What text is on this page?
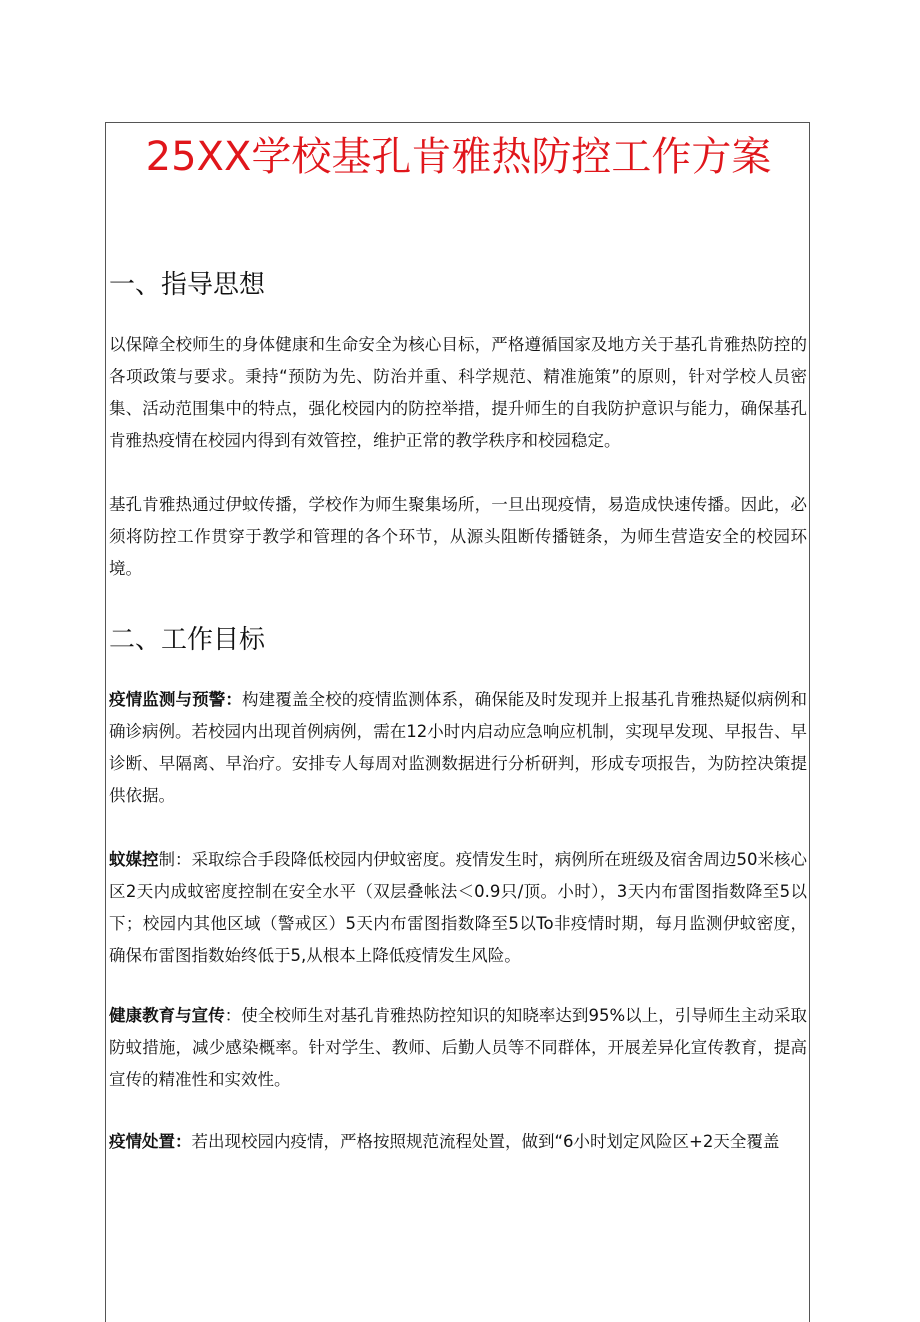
25XX学校基孔肯雅热防控工作方案
一、指导思想

以保障全校师生的身体健康和生命安全为核心目标，严格遵循国家及地方关于基孔肯雅热防控的各项政策与要求。秉持“预防为先、防治并重、科学规范、精准施策”的原则，针对学校人员密集、活动范围集中的特点，强化校园内的防控举措，提升师生的自我防护意识与能力，确保基孔肯雅热疫情在校园内得到有效管控，维护正常的教学秩序和校园稳定。

基孔肯雅热通过伊蚊传播，学校作为师生聚集场所，一旦出现疫情，易造成快速传播。因此，必须将防控工作贯穿于教学和管理的各个环节，从源头阻断传播链条，为师生营造安全的校园环境。

二、工作目标

疫情监测与预警：构建覆盖全校的疫情监测体系，确保能及时发现并上报基孔肯雅热疑似病例和确诊病例。若校园内出现首例病例，需在12小时内启动应急响应机制，实现早发现、早报告、早诊断、早隔离、早治疗。安排专人每周对监测数据进行分析研判，形成专项报告，为防控决策提供依据。

蚊媒控制：采取综合手段降低校园内伊蚊密度。疫情发生时，病例所在班级及宿舍周边50米核心区2天内成蚊密度控制在安全水平（双层叠帐法＜0.9只/顶。小时），3天内布雷图指数降至5以下；校园内其他区域（警戒区）5天内布雷图指数降至5以To非疫情时期，每月监测伊蚊密度，确保布雷图指数始终低于5,从根本上降低疫情发生风险。

健康教育与宣传：使全校师生对基孔肯雅热防控知识的知晓率达到95%以上，引导师生主动采取防蚊措施，减少感染概率。针对学生、教师、后勤人员等不同群体，开展差异化宣传教育，提高宣传的精准性和实效性。

疫情处置：若出现校园内疫情，严格按照规范流程处置，做到“6小时划定风险区+2天全覆盖
